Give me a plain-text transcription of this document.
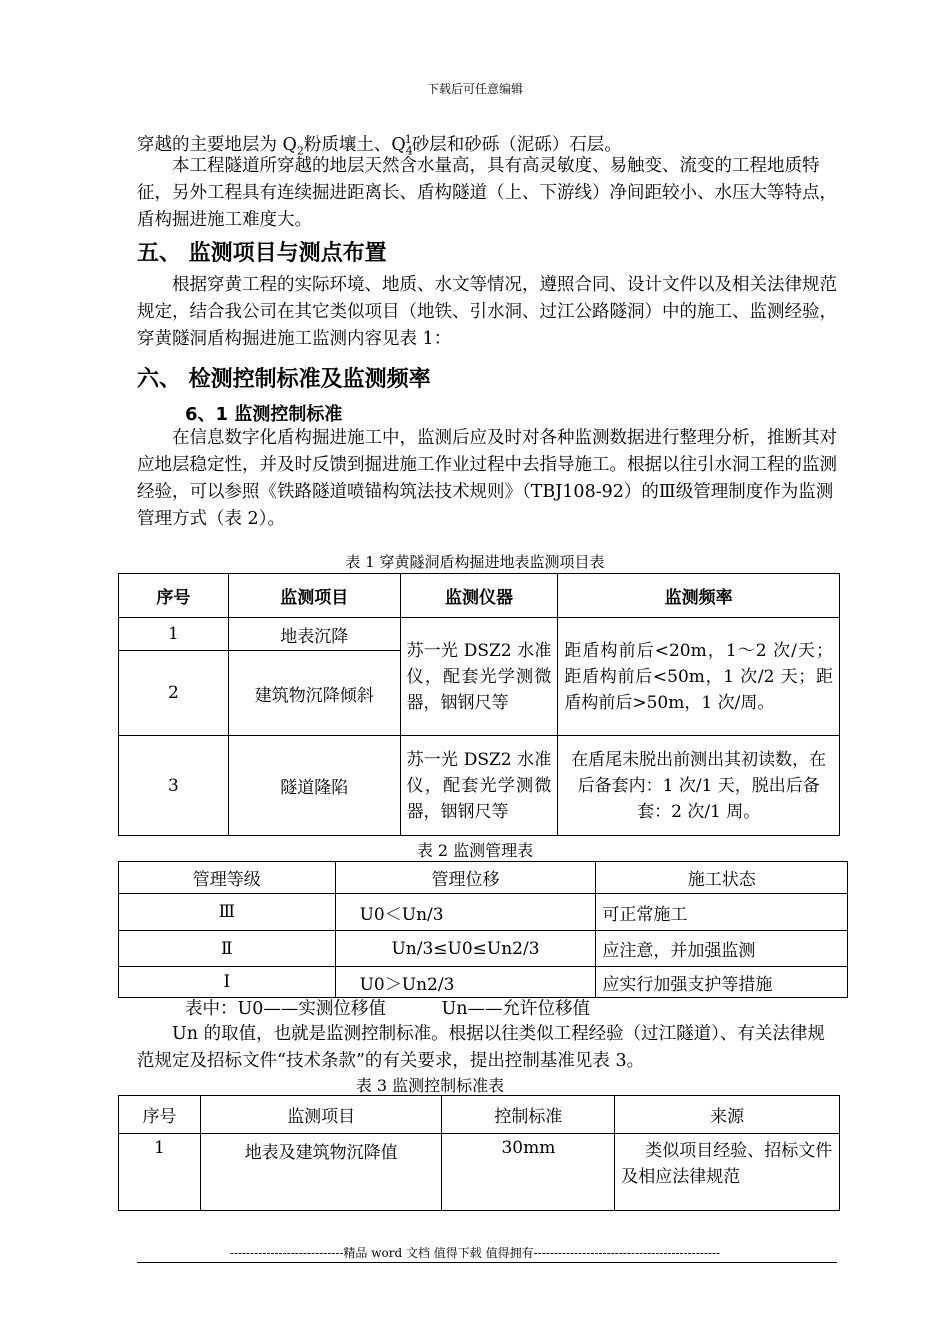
下载后可任意编辑
穿越的主要地层为 $Q_2$粉质壤土、$Q_4^1$砂层和砂砾（泥砾）石层。
本工程隧道所穿越的地层天然含水量高，具有高灵敏度、易触变、流变的工程地质特征，另外工程具有连续掘进距离长、盾构隧道（上、下游线）净间距较小、水压大等特点，盾构掘进施工难度大。
五、 监测项目与测点布置
根据穿黄工程的实际环境、地质、水文等情况，遵照合同、设计文件以及相关法律规范规定，结合我公司在其它类似项目（地铁、引水洞、过江公路隧洞）中的施工、监测经验，穿黄隧洞盾构掘进施工监测内容见表 1：
六、 检测控制标准及监测频率
6、1 监测控制标准
在信息数字化盾构掘进施工中，监测后应及时对各种监测数据进行整理分析，推断其对应地层稳定性，并及时反馈到掘进施工作业过程中去指导施工。根据以往引水洞工程的监测经验，可以参照《铁路隧道喷锚构筑法技术规则》（TBJ108-92）的Ⅲ级管理制度作为监测管理方式（表 2）。
表 1 穿黄隧洞盾构掘进地表监测项目表
序号	监测项目	监测仪器	监测频率
1	地表沉降	苏一光 DSZ2 水准仪，配套光学测微器，铟钢尺等	距盾构前后<20m，1～2 次/天；距盾构前后<50m，1 次/2 天；距盾构前后>50m，1 次/周。
2	建筑物沉降倾斜		
3	隧道隆陷	苏一光 DSZ2 水准仪，配套光学测微器，铟钢尺等	在盾尾未脱出前测出其初读数，在后备套内：1 次/1 天，脱出后备套：2 次/1 周。
表 2 监测管理表
管理等级	管理位移	施工状态
Ⅲ	U0＜Un/3	可正常施工
Ⅱ	Un/3≤U0≤Un2/3	应注意，并加强监测
Ⅰ	U0＞Un2/3	应实行加强支护等措施
表中：U0——实测位移值          Un——允许位移值
Un 的取值，也就是监测控制标准。根据以往类似工程经验（过江隧道）、有关法律规范规定及招标文件“技术条款”的有关要求，提出控制基准见表 3。
表 3 监测控制标准表
序号	监测项目	控制标准	来源
1	地表及建筑物沉降值	30mm	类似项目经验、招标文件及相应法律规范
----------------------------精品 word 文档 值得下载 值得拥有----------------------------------------------
